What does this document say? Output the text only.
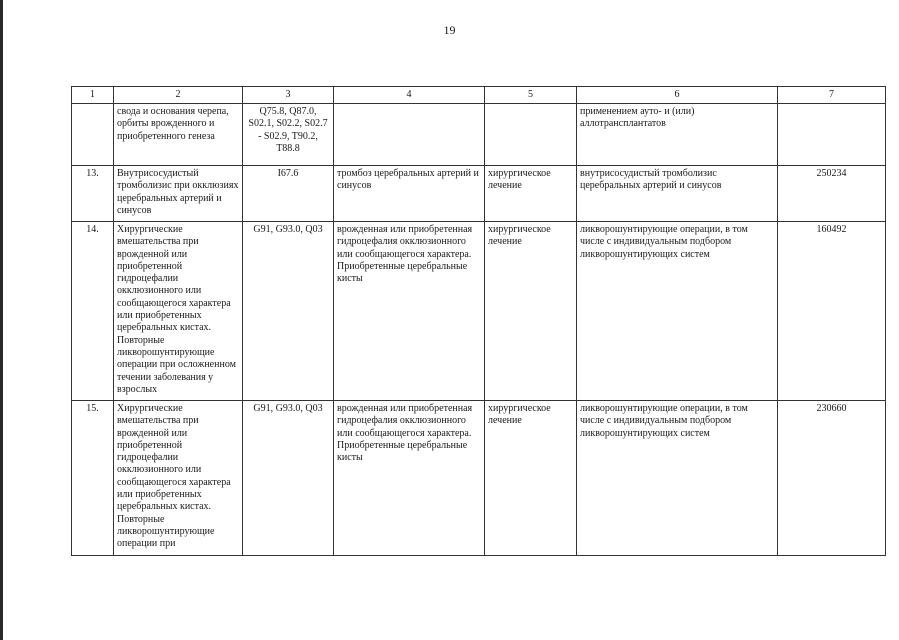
19
1	2	3	4	5	6	7
	свода и основания черепа, орбиты врожденного и приобретенного генеза	Q75.8, Q87.0, S02.1, S02.2, S02.7 - S02.9, T90.2, T88.8			применением ауто- и (или) аллотрансплантатов	
13.	Внутрисосудистый тромболизис при окклюзиях церебральных артерий и синусов	I67.6	тромбоз церебральных артерий и синусов	хирургическое лечение	внутрисосудистый тромболизис церебральных артерий и синусов	250234
14.	Хирургические вмешательства при врожденной или приобретенной гидроцефалии окклюзионного или сообщающегося характера или приобретенных церебральных кистах. Повторные ликворошунтирующие операции при осложненном течении заболевания у взрослых	G91, G93.0, Q03	врожденная или приобретенная гидроцефалия окклюзионного или сообщающегося характера. Приобретенные церебральные кисты	хирургическое лечение	ликворошунтирующие операции, в том числе с индивидуальным подбором ликворошунтирующих систем	160492
15.	Хирургические вмешательства при врожденной или приобретенной гидроцефалии окклюзионного или сообщающегося характера или приобретенных церебральных кистах. Повторные ликворошунтирующие операции при	G91, G93.0, Q03	врожденная или приобретенная гидроцефалия окклюзионного или сообщающегося характера. Приобретенные церебральные кисты	хирургическое лечение	ликворошунтирующие операции, в том числе с индивидуальным подбором ликворошунтирующих систем	230660
